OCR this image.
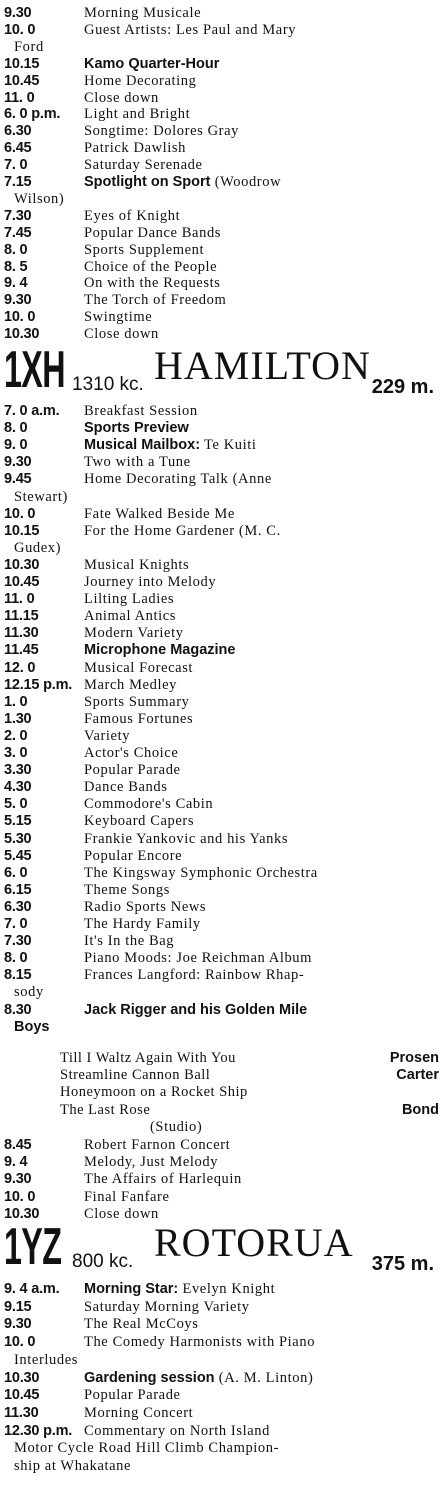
9.30	Morning Musicale
10. 0	Guest Artists: Les Paul and Mary
Ford
10.15	Kamo Quarter-Hour
10.45	Home Decorating
11. 0	Close down
6. 0 p.m. Light and Bright
6.30	Songtime: Dolores Gray
6.45	Patrick Dawlish
7. 0	Saturday Serenade
7.15	Spotlight on Sport (Woodrow
Wilson)
7.30	Eyes of Knight
7.45	Popular Dance Bands
8. 0	Sports Supplement
8. 5	Choice of the People
9. 4	On with the Requests
9.30	The Torch of Freedom
10. 0	Swingtime
10.30	Close down
1XH 1310 kc. HAMILTON 229 m.
7. 0 a.m. Breakfast Session
8. 0	Sports Preview
9. 0	Musical Mailbox: Te Kuiti
9.30	Two with a Tune
9.45	Home Decorating Talk (Anne
Stewart)
10. 0	Fate Walked Beside Me
10.15	For the Home Gardener (M. C.
Gudex)
10.30	Musical Knights
10.45	Journey into Melody
11. 0	Lilting Ladies
11.15	Animal Antics
11.30	Modern Variety
11.45	Microphone Magazine
12. 0	Musical Forecast
12.15 p.m. March Medley
1. 0	Sports Summary
1.30	Famous Fortunes
2. 0	Variety
3. 0	Actor's Choice
3.30	Popular Parade
4.30	Dance Bands
5. 0	Commodore's Cabin
5.15	Keyboard Capers
5.30	Frankie Yankovic and his Yanks
5.45	Popular Encore
6. 0	The Kingsway Symphonic Orchestra
6.15	Theme Songs
6.30	Radio Sports News
7. 0	The Hardy Family
7.30	It's In the Bag
8. 0	Piano Moods: Joe Reichman Album
8.15	Frances Langford: Rainbow Rhap-
sody
8.30	Jack Rigger and his Golden Mile
Boys
Till I Waltz Again With You	Prosen
Streamline Cannon Ball	Carter
Honeymoon on a Rocket Ship
The Last Rose	Bond
(Studio)
8.45	Robert Farnon Concert
9. 4	Melody, Just Melody
9.30	The Affairs of Harlequin
10. 0	Final Fanfare
10.30	Close down
1YZ 800 kc. ROTORUA 375 m.
9. 4 a.m. Morning Star: Evelyn Knight
9.15	Saturday Morning Variety
9.30	The Real McCoys
10. 0	The Comedy Harmonists with Piano
Interludes
10.30	Gardening session (A. M. Linton)
10.45	Popular Parade
11.30	Morning Concert
12.30 p.m. Commentary on North Island
Motor Cycle Road Hill Climb Champion-
ship at Whakatane
